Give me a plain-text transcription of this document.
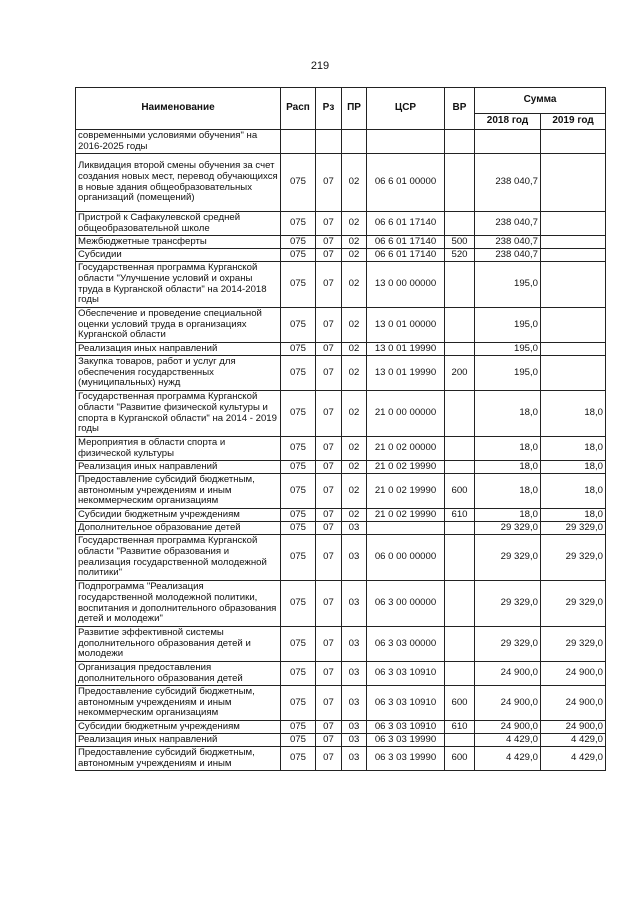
219
Наименование	Расп	Рз	ПР	ЦСР	ВР	Сумма	
						2018 год	2019 год
современными условиями обучения" на 2016-2025 годы							
Ликвидация второй смены обучения за счет создания новых мест, перевод обучающихся в новые здания общеобразовательных организаций (помещений)	075	07	02	06 6 01 00000		238 040,7	
Пристрой к Сафакулевской средней общеобразовательной школе	075	07	02	06 6 01 17140		238 040,7	
Межбюджетные трансферты	075	07	02	06 6 01 17140	500	238 040,7	
Субсидии	075	07	02	06 6 01 17140	520	238 040,7	
Государственная программа Курганской области "Улучшение условий и охраны труда в Курганской области" на 2014-2018 годы	075	07	02	13 0 00 00000		195,0	
Обеспечение и проведение специальной оценки условий труда в организациях Курганской области	075	07	02	13 0 01 00000		195,0	
Реализация иных направлений	075	07	02	13 0 01 19990		195,0	
Закупка товаров, работ и услуг для обеспечения государственных (муниципальных) нужд	075	07	02	13 0 01 19990	200	195,0	
Государственная программа Курганской области "Развитие физической культуры и спорта в Курганской области" на 2014 - 2019 годы	075	07	02	21 0 00 00000		18,0	18,0
Мероприятия в области спорта и физической культуры	075	07	02	21 0 02 00000		18,0	18,0
Реализация иных направлений	075	07	02	21 0 02 19990		18,0	18,0
Предоставление субсидий бюджетным, автономным учреждениям и иным некоммерческим организациям	075	07	02	21 0 02 19990	600	18,0	18,0
Субсидии бюджетным учреждениям	075	07	02	21 0 02 19990	610	18,0	18,0
Дополнительное образование детей	075	07	03			29 329,0	29 329,0
Государственная программа Курганской области "Развитие образования и реализация государственной молодежной политики"	075	07	03	06 0 00 00000		29 329,0	29 329,0
Подпрограмма "Реализация государственной молодежной политики, воспитания и дополнительного образования детей и молодежи"	075	07	03	06 3 00 00000		29 329,0	29 329,0
Развитие эффективной системы дополнительного образования детей и молодежи	075	07	03	06 3 03 00000		29 329,0	29 329,0
Организация предоставления дополнительного образования детей	075	07	03	06 3 03 10910		24 900,0	24 900,0
Предоставление субсидий бюджетным, автономным учреждениям и иным некоммерческим организациям	075	07	03	06 3 03 10910	600	24 900,0	24 900,0
Субсидии бюджетным учреждениям	075	07	03	06 3 03 10910	610	24 900,0	24 900,0
Реализация иных направлений	075	07	03	06 3 03 19990		4 429,0	4 429,0
Предоставление субсидий бюджетным, автономным учреждениям и иным	075	07	03	06 3 03 19990	600	4 429,0	4 429,0
